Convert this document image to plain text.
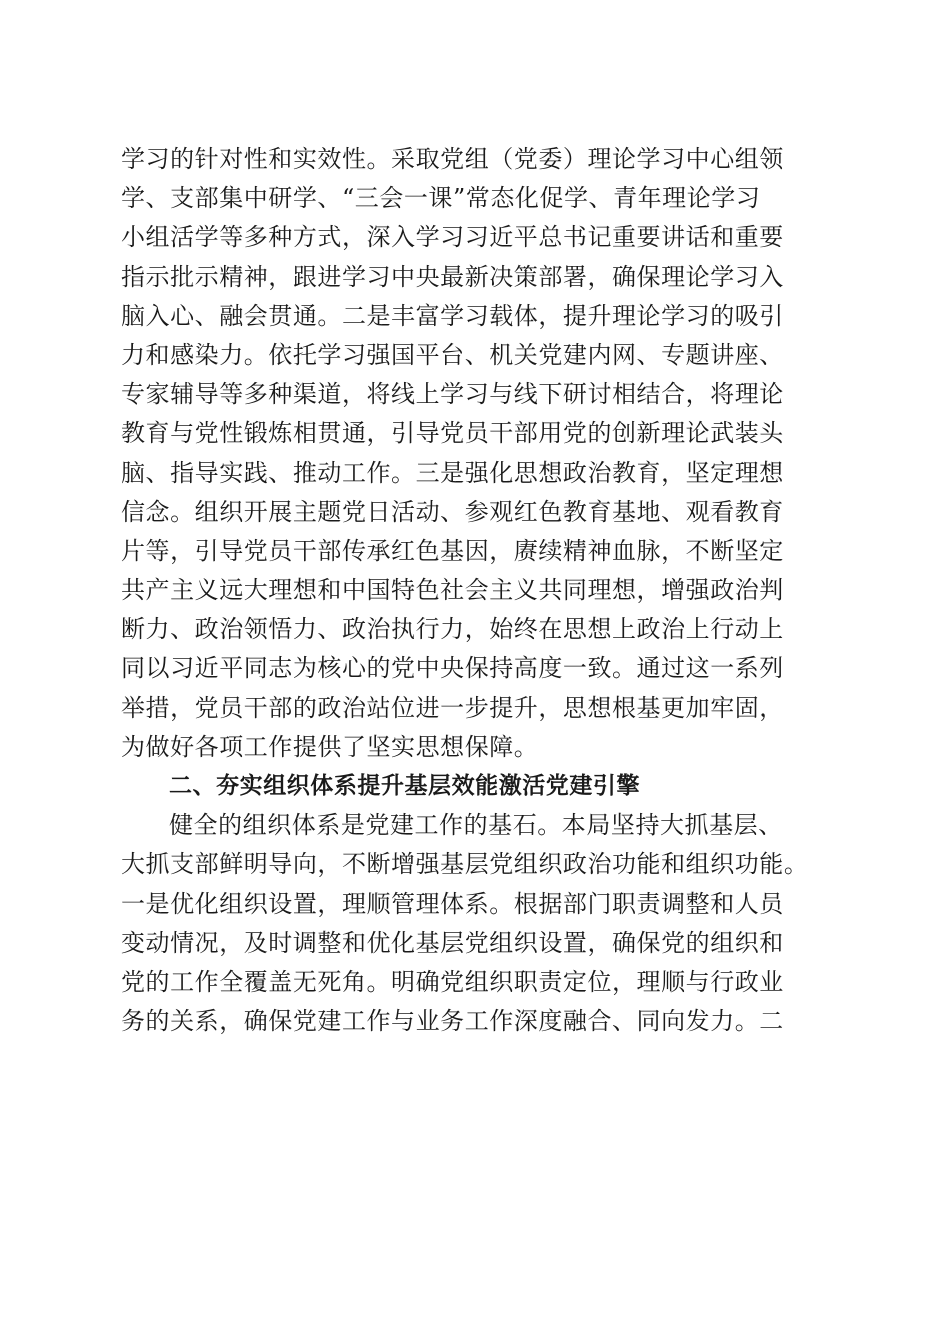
学习的针对性和实效性。采取党组（党委）理论学习中心组领
学、支部集中研学、“三会一课”常态化促学、青年理论学习
小组活学等多种方式，深入学习习近平总书记重要讲话和重要
指示批示精神，跟进学习中央最新决策部署，确保理论学习入
脑入心、融会贯通。二是丰富学习载体，提升理论学习的吸引
力和感染力。依托学习强国平台、机关党建内网、专题讲座、
专家辅导等多种渠道，将线上学习与线下研讨相结合，将理论
教育与党性锻炼相贯通，引导党员干部用党的创新理论武装头
脑、指导实践、推动工作。三是强化思想政治教育，坚定理想
信念。组织开展主题党日活动、参观红色教育基地、观看教育
片等，引导党员干部传承红色基因，赓续精神血脉，不断坚定
共产主义远大理想和中国特色社会主义共同理想，增强政治判
断力、政治领悟力、政治执行力，始终在思想上政治上行动上
同以习近平同志为核心的党中央保持高度一致。通过这一系列
举措，党员干部的政治站位进一步提升，思想根基更加牢固，
为做好各项工作提供了坚实思想保障。
二、夯实组织体系提升基层效能激活党建引擎
健全的组织体系是党建工作的基石。本局坚持大抓基层、
大抓支部鲜明导向，不断增强基层党组织政治功能和组织功能。
一是优化组织设置，理顺管理体系。根据部门职责调整和人员
变动情况，及时调整和优化基层党组织设置，确保党的组织和
党的工作全覆盖无死角。明确党组织职责定位，理顺与行政业
务的关系，确保党建工作与业务工作深度融合、同向发力。二
